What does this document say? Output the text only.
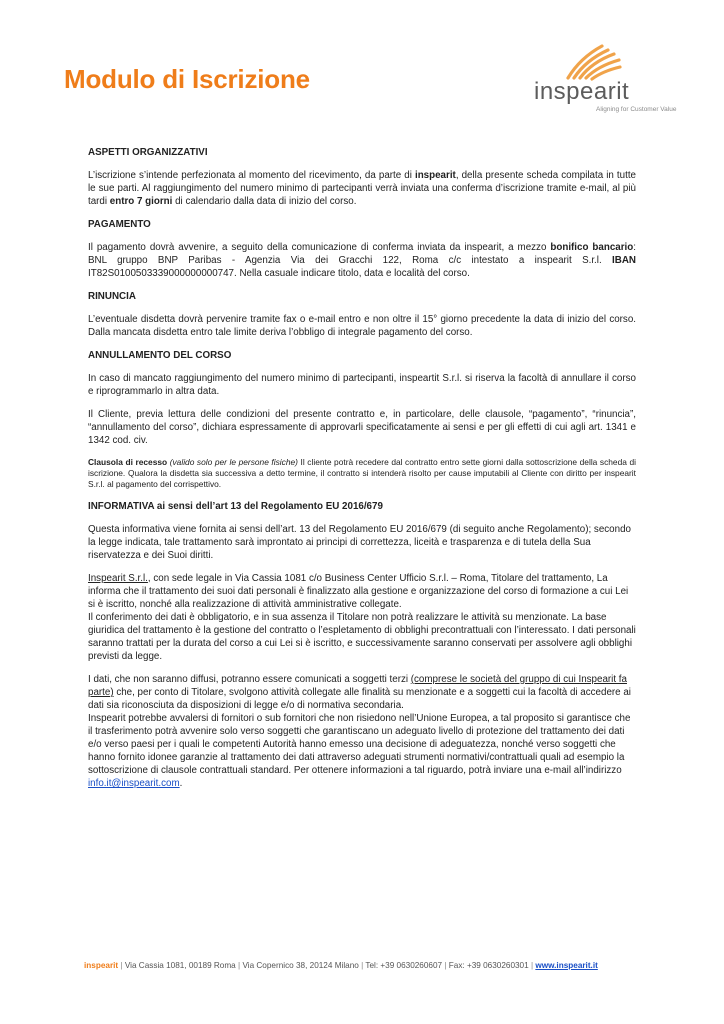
Modulo di Iscrizione	inspearit
Aligning for Customer Value
ASPETTI ORGANIZZATIVI

L’iscrizione s’intende perfezionata al momento del ricevimento, da parte di inspearit, della presente scheda compilata in tutte le sue parti. Al raggiungimento del numero minimo di partecipanti verrà inviata una conferma d’iscrizione tramite e-mail, al più tardi entro 7 giorni di calendario dalla data di inizio del corso.

PAGAMENTO

Il pagamento dovrà avvenire, a seguito della comunicazione di conferma inviata da inspearit, a mezzo bonifico bancario: BNL gruppo BNP Paribas - Agenzia Via dei Gracchi 122, Roma c/c intestato a inspearit S.r.l. IBAN IT82S0100503339000000000747. Nella casuale indicare titolo, data e località del corso.

RINUNCIA

L’eventuale disdetta dovrà pervenire tramite fax o e-mail entro e non oltre il 15° giorno precedente la data di inizio del corso. Dalla mancata disdetta entro tale limite deriva l’obbligo di integrale pagamento del corso.

ANNULLAMENTO DEL CORSO

In caso di mancato raggiungimento del numero minimo di partecipanti, inspeartit S.r.l. si riserva la facoltà di annullare il corso e riprogrammarlo in altra data.

Il Cliente, previa lettura delle condizioni del presente contratto e, in particolare, delle clausole, “pagamento”, “rinuncia”, “annullamento del corso”, dichiara espressamente di approvarli specificatamente ai sensi e per gli effetti di cui agli art. 1341 e 1342 cod. civ.

Clausola di recesso (valido solo per le persone fisiche) Il cliente potrà recedere dal contratto entro sette giorni dalla sottoscrizione della scheda di iscrizione. Qualora la disdetta sia successiva a detto termine, il contratto si intenderà risolto per cause imputabili al Cliente con diritto per inspearit S.r.l. al pagamento del corrispettivo.

INFORMATIVA ai sensi dell’art 13 del Regolamento EU 2016/679

Questa informativa viene fornita ai sensi dell’art. 13 del Regolamento EU 2016/679 (di seguito anche Regolamento); secondo la legge indicata, tale trattamento sarà improntato ai principi di correttezza, liceità e trasparenza e di tutela della Sua riservatezza e dei Suoi diritti.

Inspearit S.r.l., con sede legale in Via Cassia 1081 c/o Business Center Ufficio S.r.l. – Roma, Titolare del trattamento, La informa che il trattamento dei suoi dati personali è finalizzato alla gestione e organizzazione del corso di formazione a cui Lei si è iscritto, nonché alla realizzazione di attività amministrative collegate.
Il conferimento dei dati è obbligatorio, e in sua assenza il Titolare non potrà realizzare le attività su menzionate. La base giuridica del trattamento è la gestione del contratto o l’espletamento di obblighi precontrattuali con l’interessato. I dati personali saranno trattati per la durata del corso a cui Lei si è iscritto, e successivamente saranno conservati per assolvere agli obblighi previsti da legge.

I dati, che non saranno diffusi, potranno essere comunicati a soggetti terzi (comprese le società del gruppo di cui Inspearit fa parte) che, per conto di Titolare, svolgono attività collegate alle finalità su menzionate e a soggetti cui la facoltà di accedere ai dati sia riconosciuta da disposizioni di legge e/o di normativa secondaria.
Inspearit potrebbe avvalersi di fornitori o sub fornitori che non risiedono nell’Unione Europea, a tal proposito si garantisce che il trasferimento potrà avvenire solo verso soggetti che garantiscano un adeguato livello di protezione del trattamento dei dati e/o verso paesi per i quali le competenti Autorità hanno emesso una decisione di adeguatezza, nonché verso soggetti che hanno fornito idonee garanzie al trattamento dei dati attraverso adeguati strumenti normativi/contrattuali quali ad esempio la sottoscrizione di clausole contrattuali standard. Per ottenere informazioni a tal riguardo, potrà inviare una e-mail all’indirizzo info.it@inspearit.com.

inspearit | Via Cassia 1081, 00189 Roma | Via Copernico 38, 20124 Milano | Tel: +39 0630260607 | Fax: +39 0630260301 | www.inspearit.it
